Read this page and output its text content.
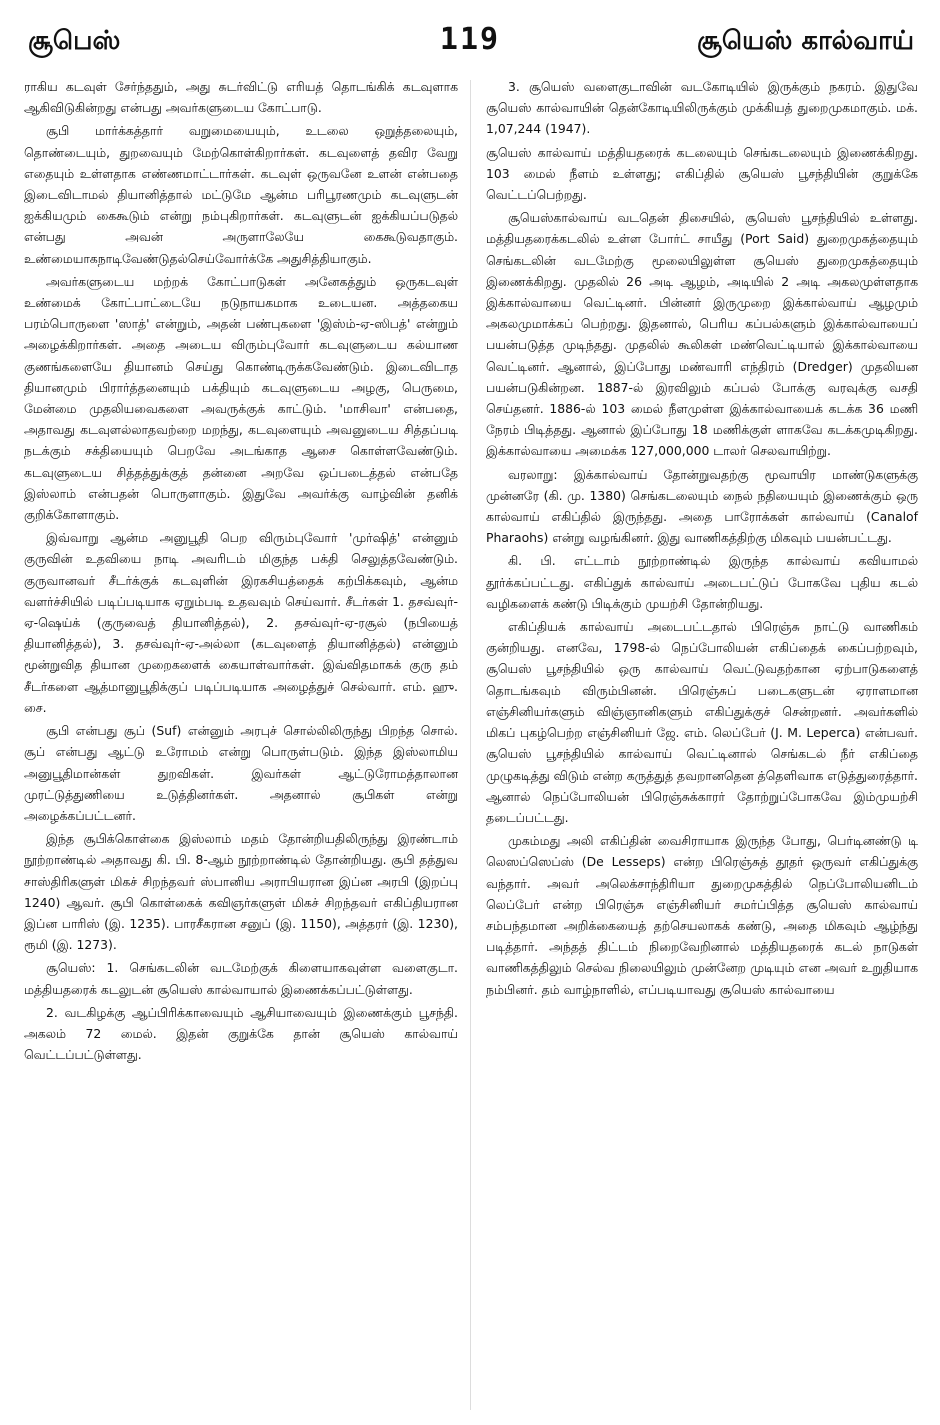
சூபெஸ்	119	சூயெஸ் கால்வாய்

ராகிய கடவுள் சேர்ந்ததும், அது சுடர்விட்டு எரியத் தொடங்கிக் கடவுளாக ஆகிவிடுகின்றது என்பது அவர்களுடைய கோட்பாடு.

சூபி மார்க்கத்தார் வறுமையையும், உடலை ஒறுத்தலையும், தொண்டையும், துறவையும் மேற்கொள்கிறார்கள். கடவுளைத் தவிர வேறு எதையும் உள்ளதாக எண்ணமாட்டார்கள். கடவுள் ஒருவனே உளன் என்பதை இடைவிடாமல் தியானித்தால் மட்டுமே ஆன்ம பரிபூரணமும் கடவுளுடன் ஐக்கியமும் கைகூடும் என்று நம்புகிறார்கள். கடவுளுடன் ஐக்கியப்படுதல் என்பது அவன் அருளாலேயே கைகூடுவதாகும். உண்மையாகநாடிவேண்டுதல்செய்வோர்க்கே அதுசித்தியாகும்.

அவர்களுடைய மற்றக் கோட்பாடுகள் அனேகத்தும் ஒருகடவுள் உண்மைக் கோட்பாட்டையே நடுநாயகமாக உடையன. அத்தகைய பரம்பொருளை 'ஸாத்' என்றும், அதன் பண்புகளை 'இஸ்ம்-ஏ-ஸிபத்' என்றும் அழைக்கிறார்கள். அதை அடைய விரும்புவோர் கடவுளுடைய கல்யாண குணங்களையே தியானம் செய்து கொண்டிருக்கவேண்டும். இடைவிடாத தியானமும் பிரார்த்தனையும் பக்தியும் கடவுளுடைய அழகு, பெருமை, மேன்மை முதலியவைகளை அவருக்குக் காட்டும். 'மாசிவா' என்பதை, அதாவது கடவுளல்லாதவற்றை மறந்து, கடவுளையும் அவனுடைய சித்தப்படி நடக்கும் சக்தியையும் பெறவே அடங்காத ஆசை கொள்ளவேண்டும். கடவுளுடைய சித்தத்துக்குத் தன்னை அறவே ஒப்படைத்தல் என்பதே இஸ்லாம் என்பதன் பொருளாகும். இதுவே அவர்க்கு வாழ்வின் தனிக் குறிக்கோளாகும்.

இவ்வாறு ஆன்ம அனுபூதி பெற விரும்புவோர் 'முர்ஷித்' என்னும் குருவின் உதவியை நாடி அவரிடம் மிகுந்த பக்தி செலுத்தவேண்டும். குருவானவர் சீடர்க்குக் கடவுளின் இரகசியத்தைக் கற்பிக்கவும், ஆன்ம வளர்ச்சியில் படிப்படியாக ஏறும்படி உதவவும் செய்வார். சீடர்கள் 1. தசவ்வுர்-ஏ-ஷெய்க் (குருவைத் தியானித்தல்), 2. தசவ்வுர்-ஏ-ரசூல் (நபியைத் தியானித்தல்), 3. தசவ்வுர்-ஏ-அல்லா (கடவுளைத் தியானித்தல்) என்னும் மூன்றுவித தியான முறைகளைக் கையாள்வார்கள். இவ்விதமாகக் குரு தம் சீடர்களை ஆத்மானுபூதிக்குப் படிப்படியாக அழைத்துச் செல்வார். எம். ஹு. சை.

சூபி என்பது சூப் (Suf) என்னும் அரபுச் சொல்லிலிருந்து பிறந்த சொல். சூப் என்பது ஆட்டு உரோமம் என்று பொருள்படும். இந்த இஸ்லாமிய அனுபூதிமான்கள் துறவிகள். இவர்கள் ஆட்டுரோமத்தாலான முரட்டுத்துணியை உடுத்தினர்கள். அதனால் சூபிகள் என்று அழைக்கப்பட்டனர்.

இந்த சூபிக்கொள்கை இஸ்லாம் மதம் தோன்றியதிலிருந்து இரண்டாம் நூற்றாண்டில் அதாவது கி. பி. 8-ஆம் நூற்றாண்டில் தோன்றியது. சூபி தத்துவ சாஸ்திரிகளுள் மிகச் சிறந்தவர் ஸ்பானிய அராபியரான இப்ன அரபி (இறப்பு 1240) ஆவர். சூபி கொள்கைக் கவிஞர்களுள் மிகச் சிறந்தவர் எகிப்தியரான இப்ன பாரிஸ் (இ. 1235). பாரசீகரான சனுப் (இ. 1150), அத்தரர் (இ. 1230), ரூமி (இ. 1273).

சூயெஸ்: 1. செங்கடலின் வடமேற்குக் கிளையாகவுள்ள வளைகுடா. மத்தியதரைக் கடலுடன் சூயெஸ் கால்வாயால் இணைக்கப்பட்டுள்ளது.

2. வடகிழக்கு ஆப்பிரிக்காவையும் ஆசியாவையும் இணைக்கும் பூசந்தி. அகலம் 72 மைல். இதன் குறுக்கே தான் சூயெஸ் கால்வாய் வெட்டப்பட்டுள்ளது.

3. சூயெஸ் வளைகுடாவின் வடகோடியில் இருக்கும் நகரம். இதுவே சூயெஸ் கால்வாயின் தென்கோடியிலிருக்கும் முக்கியத் துறைமுகமாகும். மக். 1,07,244 (1947).

சூயெஸ் கால்வாய் மத்தியதரைக் கடலையும் செங்கடலையும் இணைக்கிறது. 103 மைல் நீளம் உள்ளது; எகிப்தில் சூயெஸ் பூசந்தியின் குறுக்கே வெட்டப்பெற்றது.

சூயெஸ்கால்வாய் வடதென் திசையில், சூயெஸ் பூசந்தியில் உள்ளது. மத்தியதரைக்கடலில் உள்ள போர்ட் சாயீது (Port Said) துறைமுகத்தையும் செங்கடலின் வடமேற்கு மூலையிலுள்ள சூயெஸ் துறைமுகத்தையும் இணைக்கிறது. முதலில் 26 அடி ஆழம், அடியில் 2 அடி அகலமுள்ளதாக இக்கால்வாயை வெட்டினர். பின்னர் இருமுறை இக்கால்வாய் ஆழமும் அகலமுமாக்கப் பெற்றது. இதனால், பெரிய கப்பல்களும் இக்கால்வாயைப் பயன்படுத்த முடிந்தது. முதலில் கூலிகள் மண்வெட்டியால் இக்கால்வாயை வெட்டினர். ஆனால், இப்போது மண்வாரி எந்திரம் (Dredger) முதலியன பயன்படுகின்றன. 1887-ல் இரவிலும் கப்பல் போக்கு வரவுக்கு வசதி செய்தனர். 1886-ல் 103 மைல் நீளமுள்ள இக்கால்வாயைக் கடக்க 36 மணி நேரம் பிடித்தது. ஆனால் இப்போது 18 மணிக்குள் ளாகவே கடக்கமுடிகிறது. இக்கால்வாயை அமைக்க 127,000,000 டாலர் செலவாயிற்று.

வரலாறு: இக்கால்வாய் தோன்றுவதற்கு மூவாயிர மாண்டுகளுக்கு முன்னரே (கி. மு. 1380) செங்கடலையும் நைல் நதியையும் இணைக்கும் ஒரு கால்வாய் எகிப்தில் இருந்தது. அதை பாரோக்கள் கால்வாய் (Canalof Pharaohs) என்று வழங்கினர். இது வாணிகத்திற்கு மிகவும் பயன்பட்டது.

கி. பி. எட்டாம் நூற்றாண்டில் இருந்த கால்வாய் கவியாமல் தூர்க்கப்பட்டது. எகிப்துக் கால்வாய் அடைபட்டுப் போகவே புதிய கடல் வழிகளைக் கண்டு பிடிக்கும் முயற்சி தோன்றியது.

எகிப்தியக் கால்வாய் அடைபட்டதால் பிரெஞ்சு நாட்டு வாணிகம் குன்றியது. எனவே, 1798-ல் நெப்போலியன் எகிப்தைக் கைப்பற்றவும், சூயெஸ் பூசந்தியில் ஒரு கால்வாய் வெட்டுவதற்கான ஏற்பாடுகளைத் தொடங்கவும் விரும்பினன். பிரெஞ்சுப் படைகளுடன் ஏராளமான எஞ்சினியர்களும் விஞ்ஞானிகளும் எகிப்துக்குச் சென்றனர். அவர்களில் மிகப் புகழ்பெற்ற எஞ்சினியர் ஜே. எம். லெப்பேர் (J. M. Leperca) என்பவர். சூயெஸ் பூசந்தியில் கால்வாய் வெட்டினால் செங்கடல் நீர் எகிப்தை முழுகடித்து விடும் என்ற கருத்துத் தவறானதென த்தெளிவாக எடுத்துரைத்தார். ஆனால் நெப்போலியன் பிரெஞ்சுக்காரர் தோற்றுப்போகவே இம்முயற்சி தடைப்பட்டது.

முகம்மது அலி எகிப்தின் வைசிராயாக இருந்த போது, பெர்டினண்டு டி லெஸப்ஸெப்ஸ் (De Lesseps) என்ற பிரெஞ்சுத் தூதர் ஒருவர் எகிப்துக்கு வந்தார். அவர் அலெக்சாந்திரியா துறைமுகத்தில் நெப்போலியனிடம் லெப்பேர் என்ற பிரெஞ்சு எஞ்சினியர் சமர்ப்பித்த சூயெஸ் கால்வாய் சம்பந்தமான அறிக்கையைத் தற்செயலாகக் கண்டு, அதை மிகவும் ஆழ்ந்து படித்தார். அந்தத் திட்டம் நிறைவேறினால் மத்தியதரைக் கடல் நாடுகள் வாணிகத்திலும் செல்வ நிலையிலும் முன்னேற முடியும் என அவர் உறுதியாக நம்பினர். தம் வாழ்நாளில், எப்படியாவது சூயெஸ் கால்வாயை
